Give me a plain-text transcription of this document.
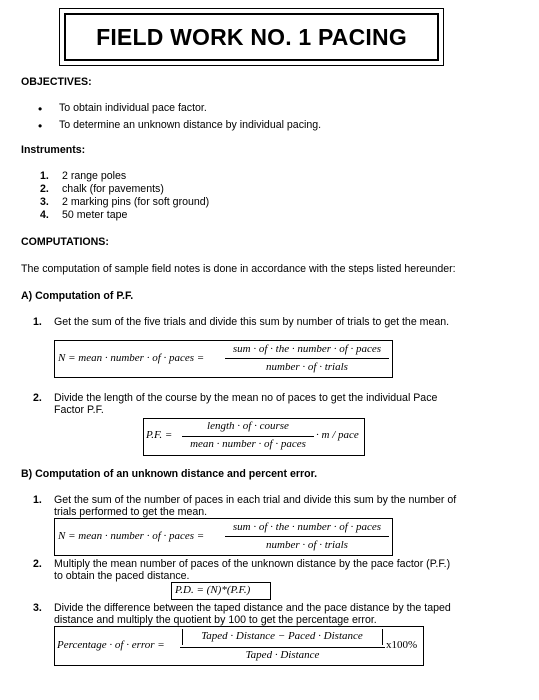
FIELD WORK NO. 1 PACING
OBJECTIVES:
• To obtain individual pace factor.
• To determine an unknown distance by individual pacing.
Instruments:
1. 2 range poles
2. chalk (for pavements)
3. 2 marking pins (for soft ground)
4. 50 meter tape
COMPUTATIONS:
The computation of sample field notes is done in accordance with the steps listed hereunder:
A) Computation of P.F.
1. Get the sum of the five trials and divide this sum by number of trials to get the mean.
N = mean · number · of · paces =
sum · of · the · number · of · paces
number · of · trials
2. Divide the length of the course by the mean no of paces to get the individual Pace
Factor P.F.
P.F. =
length · of · course
mean · number · of · paces
· m / pace
B) Computation of an unknown distance and percent error.
1. Get the sum of the number of paces in each trial and divide this sum by the number of
trials performed to get the mean.
N = mean · number · of · paces =
sum · of · the · number · of · paces
number · of · trials
2. Multiply the mean number of paces of the unknown distance by the pace factor (P.F.)
to obtain the paced distance.
P.D. = (N)*(P.F.)
3. Divide the difference between the taped distance and the pace distance by the taped
distance and multiply the quotient by 100 to get the percentage error.
Percentage · of · error =
Taped · Distance − Paced · Distance
Taped · Distance
x100%
